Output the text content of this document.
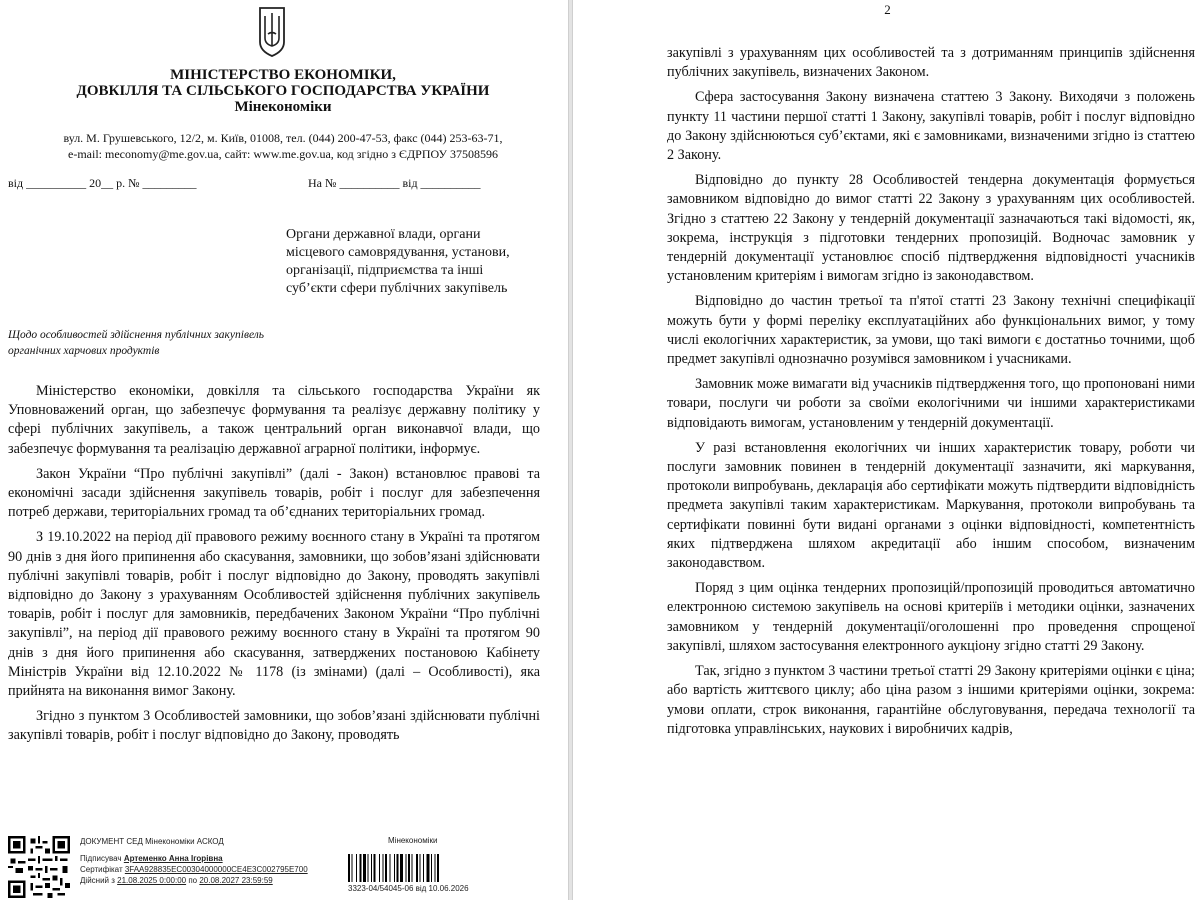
МІНІСТЕРСТВО ЕКОНОМІКИ,
ДОВКІЛЛЯ ТА СІЛЬСЬКОГО ГОСПОДАРСТВА УКРАЇНИ
Мінекономіки
вул. М. Грушевського, 12/2, м. Київ, 01008, тел. (044) 200-47-53, факс (044) 253-63-71,
e-mail: meconomy@me.gov.ua, сайт: www.me.gov.ua, код згідно з ЄДРПОУ 37508596
від __________ 20__ р. № _________	На № __________ від __________
Органи державної влади, органи
місцевого самоврядування, установи,
організації, підприємства та інші
суб’єкти сфери публічних закупівель
Щодо особливостей здійснення публічних закупівель
органічних харчових продуктів

Міністерство економіки, довкілля та сільського господарства України як Уповноважений орган, що забезпечує формування та реалізує державну політику у сфері публічних закупівель, а також центральний орган виконавчої влади, що забезпечує формування та реалізацію державної аграрної політики, інформує.

Закон України “Про публічні закупівлі” (далі - Закон) встановлює правові та економічні засади здійснення закупівель товарів, робіт і послуг для забезпечення потреб держави, територіальних громад та об’єднаних територіальних громад.

З 19.10.2022 на період дії правового режиму воєнного стану в Україні та протягом 90 днів з дня його припинення або скасування, замовники, що зобов’язані здійснювати публічні закупівлі товарів, робіт і послуг відповідно до Закону, проводять закупівлі відповідно до Закону з урахуванням Особливостей здійснення публічних закупівель товарів, робіт і послуг для замовників, передбачених Законом України “Про публічні закупівлі”, на період дії правового режиму воєнного стану в Україні та протягом 90 днів з дня його припинення або скасування, затверджених постановою Кабінету Міністрів України від 12.10.2022 № 1178 (із змінами) (далі – Особливості), яка прийнята на виконання вимог Закону.

Згідно з пунктом 3 Особливостей замовники, що зобов’язані здійснювати публічні закупівлі товарів, робіт і послуг відповідно до Закону, проводять

ДОКУМЕНТ СЕД Мінекономіки АСКОД
Підписувач Артеменко Анна Ігорівна
Сертифікат 3FAA928835EC00304000000CE4E3C002795E700
Дійсний з 21.08.2025 0:00:00 по 20.08.2027 23:59:59
Мінекономіки
3323-04/54045-06 від 10.06.2026
2

закупівлі з урахуванням цих особливостей та з дотриманням принципів здійснення публічних закупівель, визначених Законом.

Сфера застосування Закону визначена статтею 3 Закону. Виходячи з положень пункту 11 частини першої статті 1 Закону, закупівлі товарів, робіт і послуг відповідно до Закону здійснюються суб’єктами, які є замовниками, визначеними згідно із статтею 2 Закону.

Відповідно до пункту 28 Особливостей тендерна документація формується замовником відповідно до вимог статті 22 Закону з урахуванням цих особливостей. Згідно з статтею 22 Закону у тендерній документації зазначаються такі відомості, як, зокрема, інструкція з підготовки тендерних пропозицій. Водночас замовник у тендерній документації установлює спосіб підтвердження відповідності учасників установленим критеріям і вимогам згідно із законодавством.

Відповідно до частин третьої та п'ятої статті 23 Закону технічні специфікації можуть бути у формі переліку експлуатаційних або функціональних вимог, у тому числі екологічних характеристик, за умови, що такі вимоги є достатньо точними, щоб предмет закупівлі однозначно розумівся замовником і учасниками.

Замовник може вимагати від учасників підтвердження того, що пропоновані ними товари, послуги чи роботи за своїми екологічними чи іншими характеристиками відповідають вимогам, установленим у тендерній документації.

У разі встановлення екологічних чи інших характеристик товару, роботи чи послуги замовник повинен в тендерній документації зазначити, які маркування, протоколи випробувань, декларація або сертифікати можуть підтвердити відповідність предмета закупівлі таким характеристикам. Маркування, протоколи випробувань та сертифікати повинні бути видані органами з оцінки відповідності, компетентність яких підтверджена шляхом акредитації або іншим способом, визначеним законодавством.

Поряд з цим оцінка тендерних пропозицій/пропозицій проводиться автоматично електронною системою закупівель на основі критеріїв і методики оцінки, зазначених замовником у тендерній документації/оголошенні про проведення спрощеної закупівлі, шляхом застосування електронного аукціону згідно статті 29 Закону.

Так, згідно з пунктом 3 частини третьої статті 29 Закону критеріями оцінки є ціна; або вартість життєвого циклу; або ціна разом з іншими критеріями оцінки, зокрема: умови оплати, строк виконання, гарантійне обслуговування, передача технології та підготовка управлінських, наукових і виробничих кадрів,
